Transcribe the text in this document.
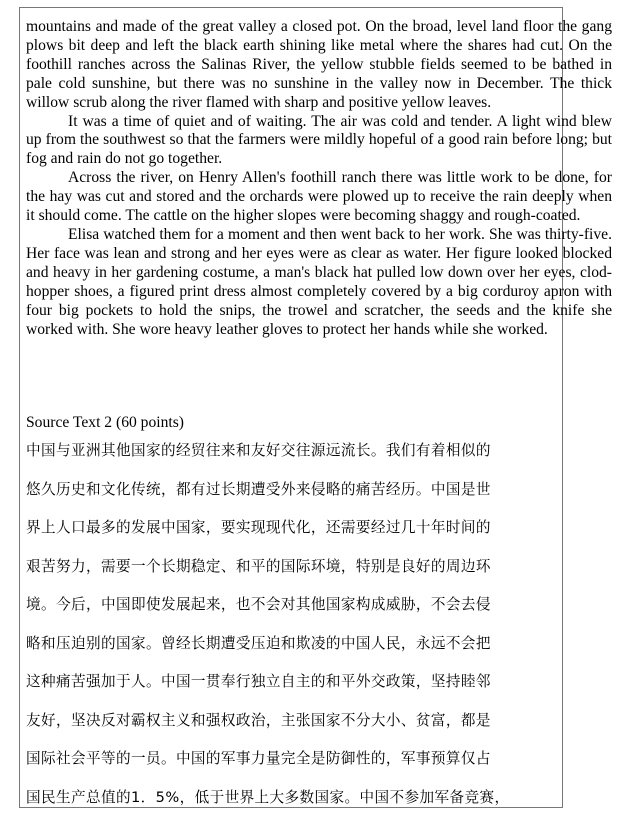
mountains and made of the great valley a closed pot. On the broad, level land floor the gang plows bit deep and left the black earth shining like metal where the shares had cut. On the foothill ranches across the Salinas River, the yellow stubble fields seemed to be bathed in pale cold sunshine, but there was no sunshine in the valley now in December. The thick willow scrub along the river flamed with sharp and positive yellow leaves.

It was a time of quiet and of waiting. The air was cold and tender. A light wind blew up from the southwest so that the farmers were mildly hopeful of a good rain before long; but fog and rain do not go together.

Across the river, on Henry Allen's foothill ranch there was little work to be done, for the hay was cut and stored and the orchards were plowed up to receive the rain deeply when it should come. The cattle on the higher slopes were becoming shaggy and rough-coated.

Elisa watched them for a moment and then went back to her work. She was thirty-five. Her face was lean and strong and her eyes were as clear as water. Her figure looked blocked and heavy in her gardening costume, a man's black hat pulled low down over her eyes, clod-hopper shoes, a figured print dress almost completely covered by a big corduroy apron with four big pockets to hold the snips, the trowel and scratcher, the seeds and the knife she worked with. She wore heavy leather gloves to protect her hands while she worked.

Source Text 2 (60 points)
中国与亚洲其他国家的经贸往来和友好交往源远流长。我们有着相似的
悠久历史和文化传统，都有过长期遭受外来侵略的痛苦经历。中国是世
界上人口最多的发展中国家，要实现现代化，还需要经过几十年时间的
艰苦努力，需要一个长期稳定、和平的国际环境，特别是良好的周边环
境。今后，中国即使发展起来，也不会对其他国家构成威胁，不会去侵
略和压迫别的国家。曾经长期遭受压迫和欺凌的中国人民，永远不会把
这种痛苦强加于人。中国一贯奉行独立自主的和平外交政策，坚持睦邻
友好，坚决反对霸权主义和强权政治，主张国家不分大小、贫富，都是
国际社会平等的一员。中国的军事力量完全是防御性的，军事预算仅占
国民生产总值的1．5%，低于世界上大多数国家。中国不参加军备竞赛，
